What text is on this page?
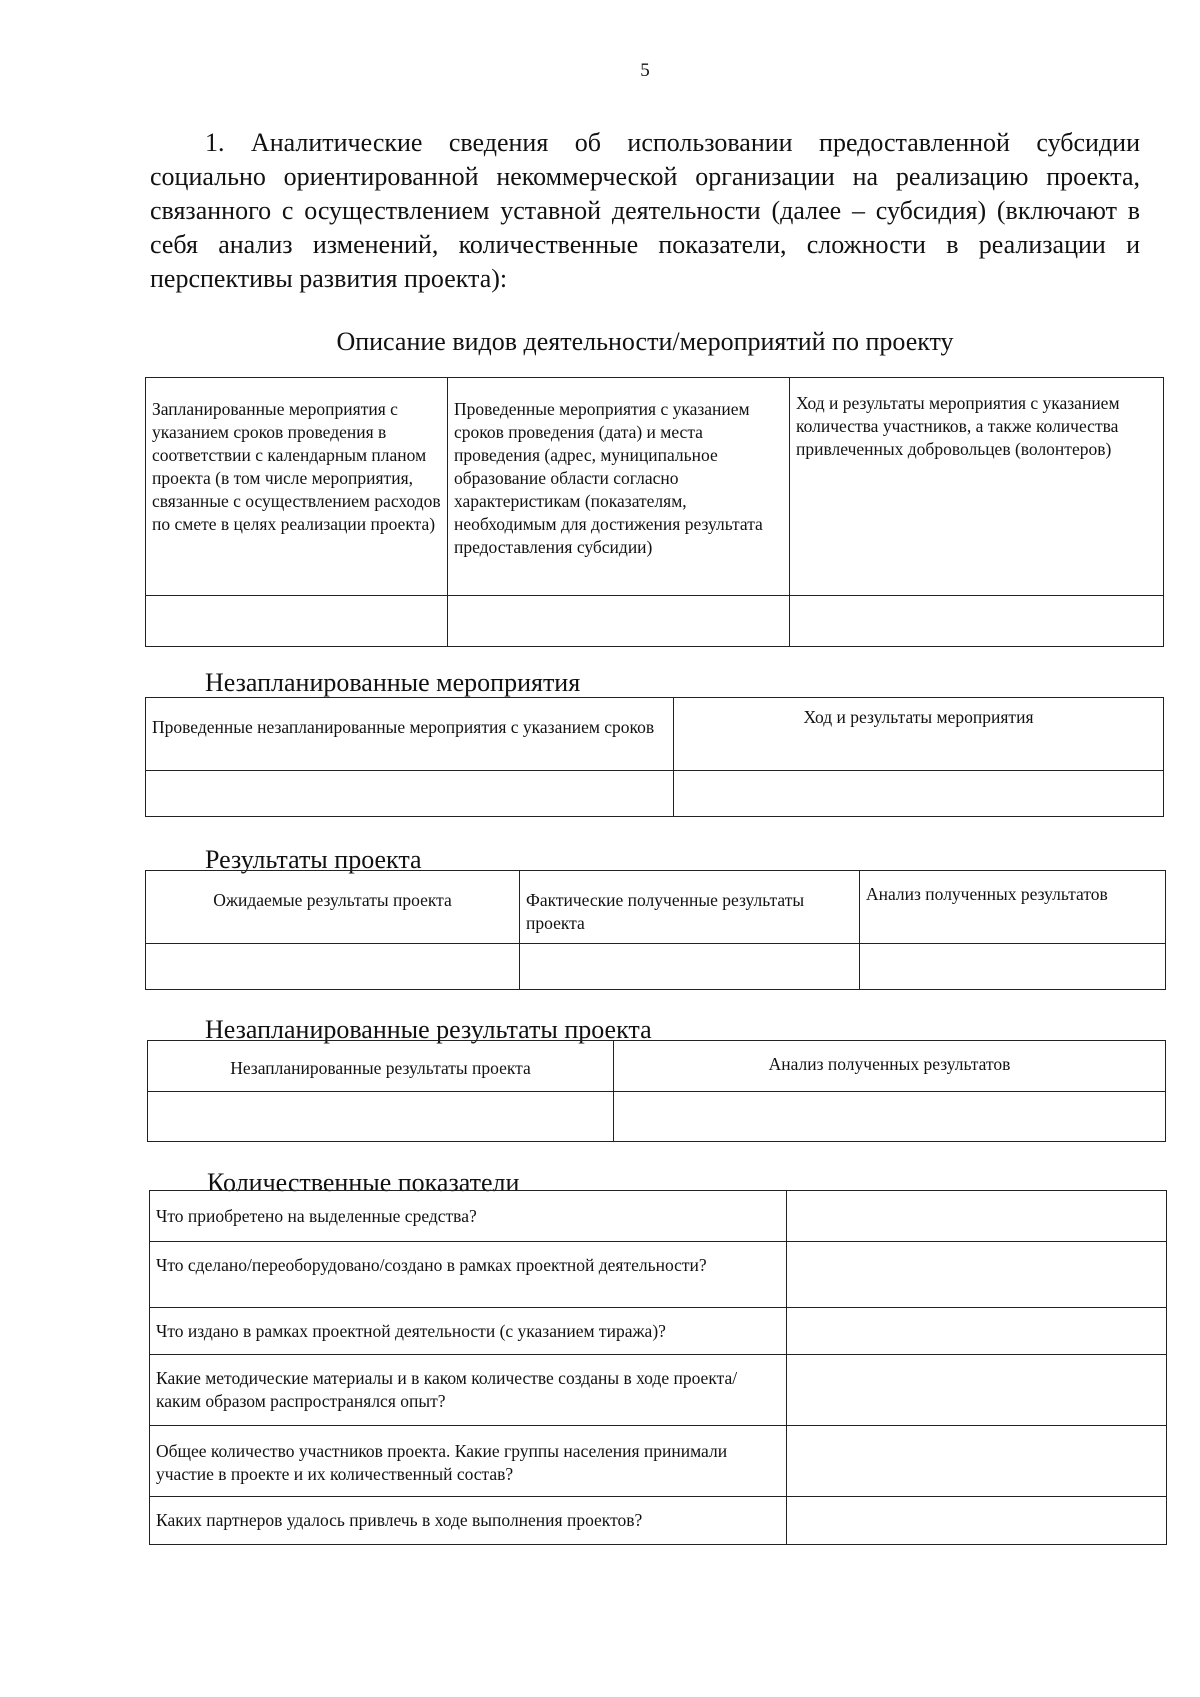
5

1. Аналитические сведения об использовании предоставленной субсидии социально ориентированной некоммерческой организации на реализацию проекта, связанного с осуществлением уставной деятельности (далее – субсидия) (включают в себя анализ изменений, количественные показатели, сложности в реализации и перспективы развития проекта):

Описание видов деятельности/мероприятий по проекту
Запланированные мероприятия с указанием сроков проведения в соответствии с календарным планом проекта (в том числе мероприятия, связанные с осуществлением расходов по смете в целях реализации проекта)	Проведенные мероприятия с указанием сроков проведения (дата) и места проведения (адрес, муниципальное образование области согласно характеристикам (показателям, необходимым для достижения результата предоставления субсидии)	Ход и результаты мероприятия с указанием количества участников, а также количества привлеченных добровольцев (волонтеров)

Незапланированные мероприятия
Проведенные незапланированные мероприятия с указанием сроков	Ход и результаты мероприятия

Результаты проекта
Ожидаемые результаты проекта	Фактические полученные результаты проекта	Анализ полученных результатов

Незапланированные результаты проекта
Незапланированные результаты проекта	Анализ полученных результатов

Количественные показатели
Что приобретено на выделенные средства?	
Что сделано/переоборудовано/создано в рамках проектной деятельности?	
Что издано в рамках проектной деятельности (с указанием тиража)?	
Какие методические материалы и в каком количестве созданы в ходе проекта/каким образом распространялся опыт?	
Общее количество участников проекта. Какие группы населения принимали участие в проекте и их количественный состав?	
Каких партнеров удалось привлечь в ходе выполнения проектов?	
